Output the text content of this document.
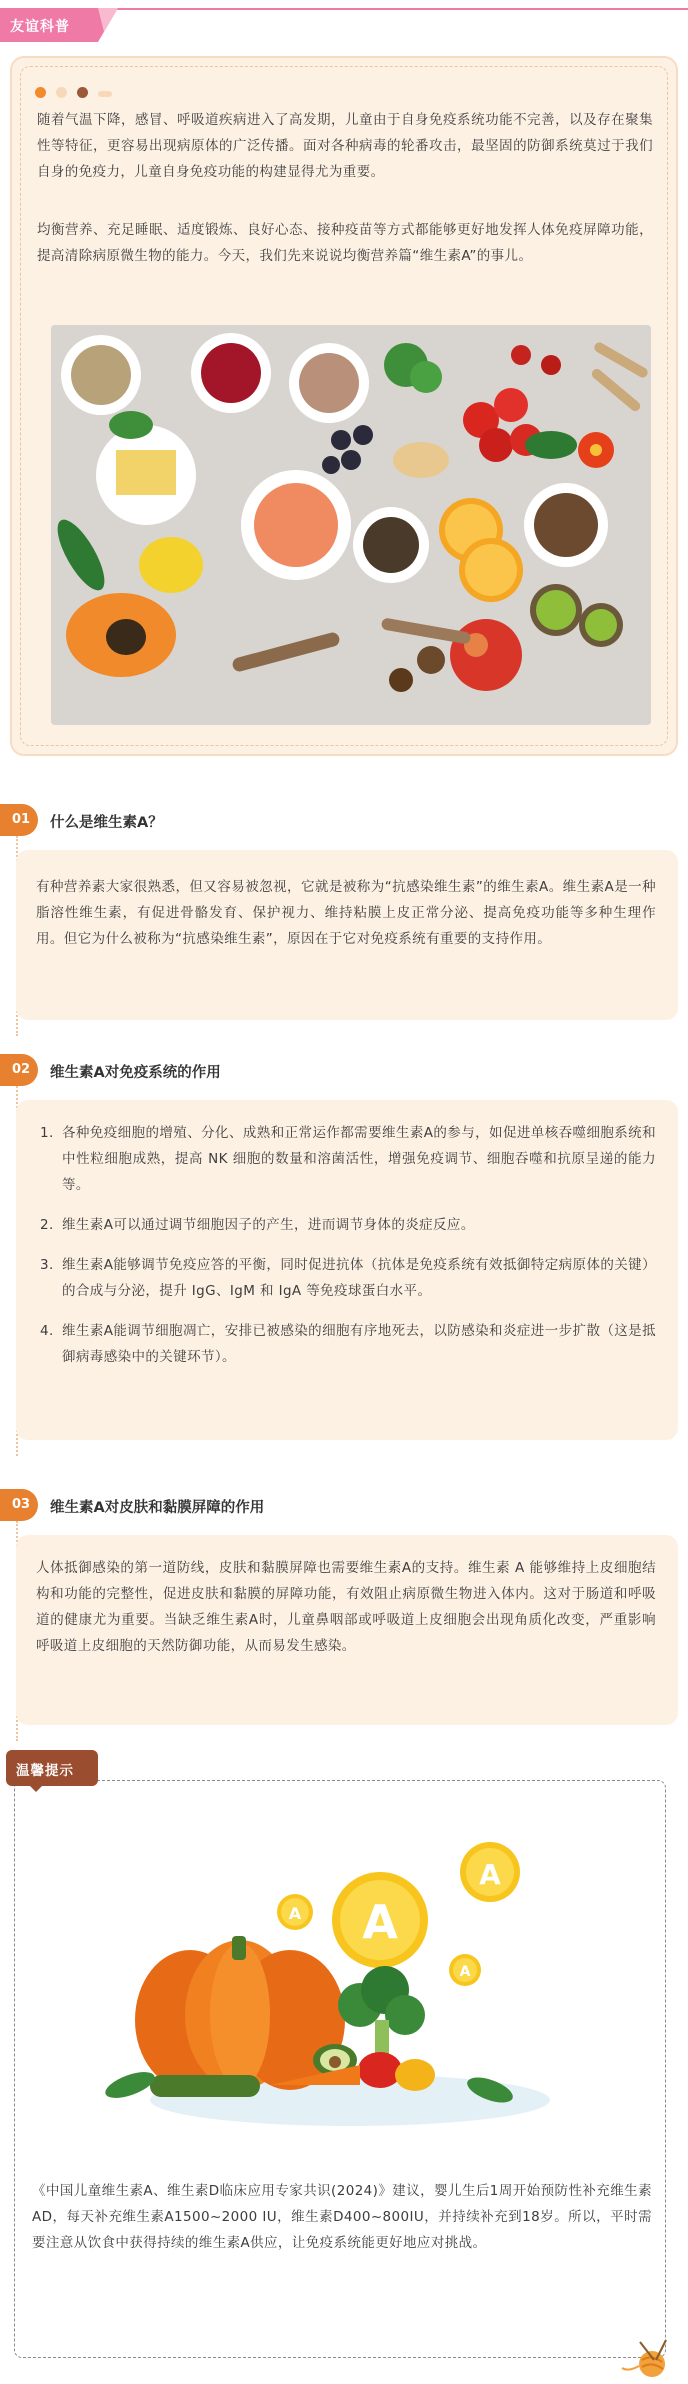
友谊科普

随着气温下降，感冒、呼吸道疾病进入了高发期，儿童由于自身免疫系统功能不完善，以及存在聚集性等特征，更容易出现病原体的广泛传播。面对各种病毒的轮番攻击，最坚固的防御系统莫过于我们自身的免疫力，儿童自身免疫功能的构建显得尤为重要。

均衡营养、充足睡眠、适度锻炼、良好心态、接种疫苗等方式都能够更好地发挥人体免疫屏障功能，提高清除病原微生物的能力。今天，我们先来说说均衡营养篇“维生素A”的事儿。

01	什么是维生素A？

有种营养素大家很熟悉，但又容易被忽视，它就是被称为“抗感染维生素”的维生素A。维生素A是一种脂溶性维生素，有促进骨骼发育、保护视力、维持粘膜上皮正常分泌、提高免疫功能等多种生理作用。但它为什么被称为“抗感染维生素”，原因在于它对免疫系统有重要的支持作用。

02	维生素A对免疫系统的作用
1. 各种免疫细胞的增殖、分化、成熟和正常运作都需要维生素A的参与，如促进单核吞噬细胞系统和中性粒细胞成熟，提高 NK 细胞的数量和溶菌活性，增强免疫调节、细胞吞噬和抗原呈递的能力等。
2. 维生素A可以通过调节细胞因子的产生，进而调节身体的炎症反应。
3. 维生素A能够调节免疫应答的平衡，同时促进抗体（抗体是免疫系统有效抵御特定病原体的关键）的合成与分泌，提升 IgG、IgM 和 IgA 等免疫球蛋白水平。
4. 维生素A能调节细胞凋亡，安排已被感染的细胞有序地死去，以防感染和炎症进一步扩散（这是抵御病毒感染中的关键环节）。
03	维生素A对皮肤和黏膜屏障的作用

人体抵御感染的第一道防线，皮肤和黏膜屏障也需要维生素A的支持。维生素 A 能够维持上皮细胞结构和功能的完整性，促进皮肤和黏膜的屏障功能，有效阻止病原微生物进入体内。这对于肠道和呼吸道的健康尤为重要。当缺乏维生素A时，儿童鼻咽部或呼吸道上皮细胞会出现角质化改变，严重影响呼吸道上皮细胞的天然防御功能，从而易发生感染。

温馨提示
A
A
A
A

《中国儿童维生素A、维生素D临床应用专家共识(2024)》建议，婴儿生后1周开始预防性补充维生素AD，每天补充维生素A1500~2000 IU，维生素D400~800IU，并持续补充到18岁。所以，平时需要注意从饮食中获得持续的维生素A供应，让免疫系统能更好地应对挑战。
